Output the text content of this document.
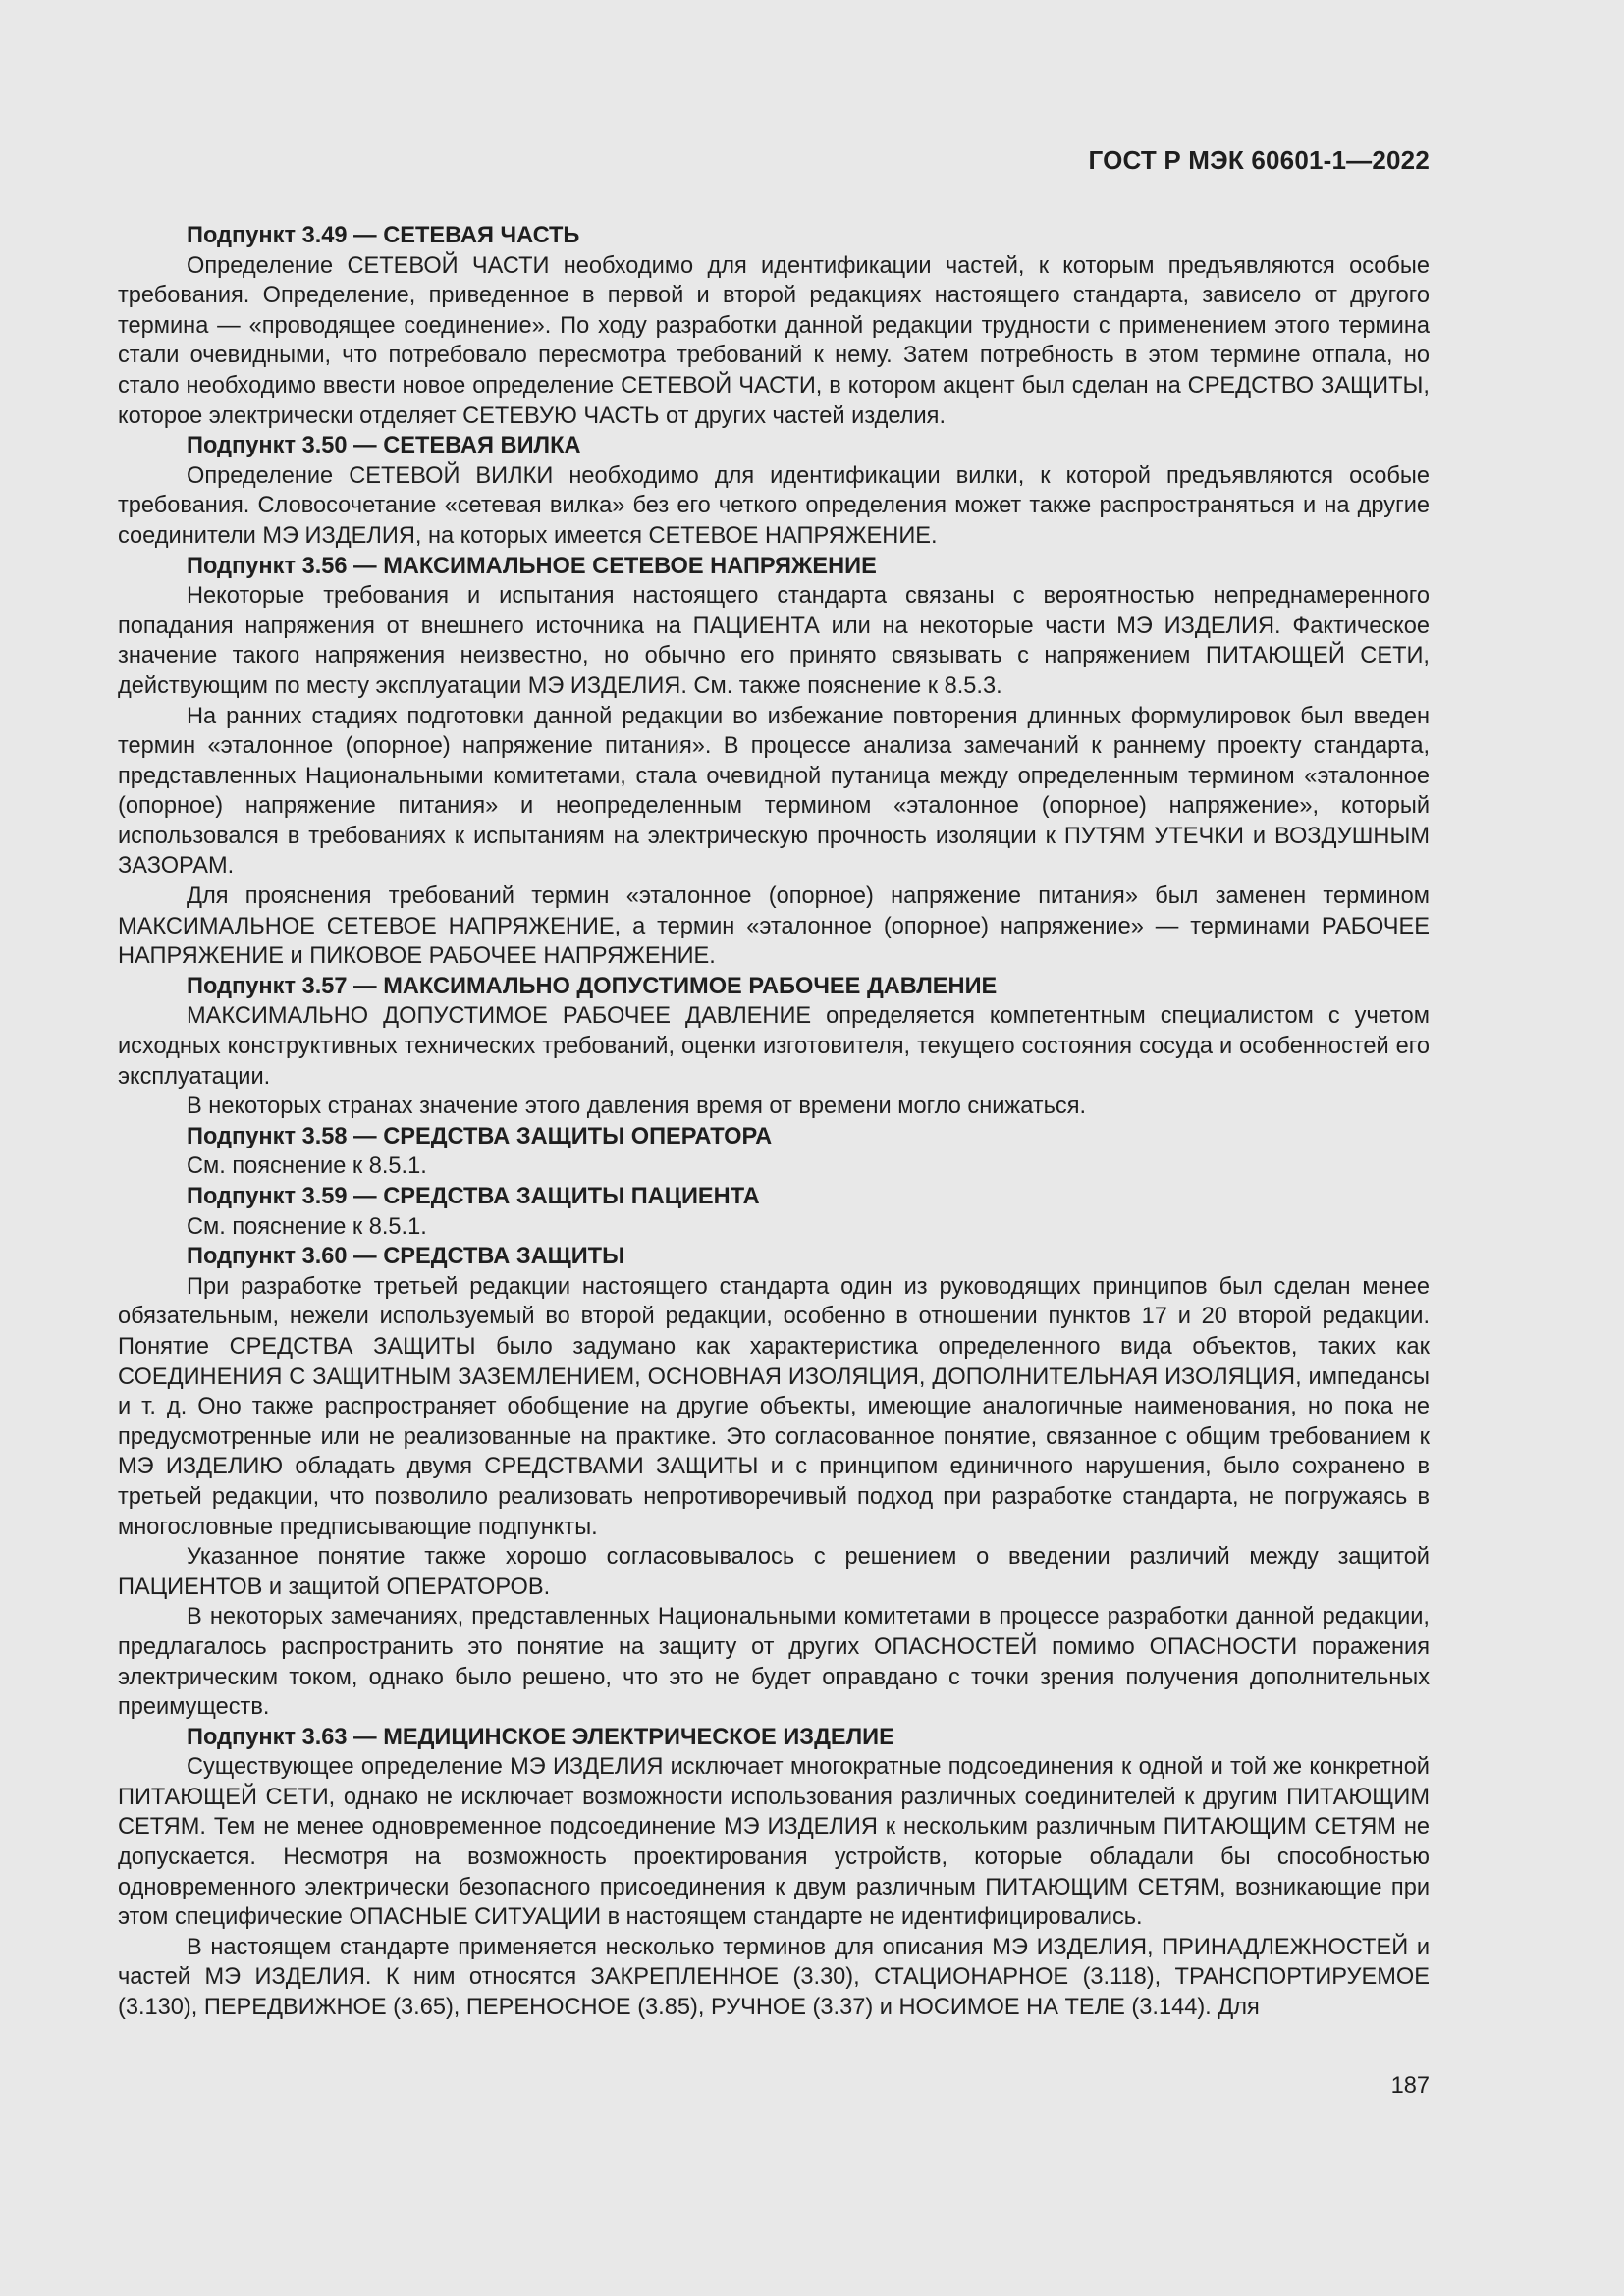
ГОСТ Р МЭК 60601-1—2022
Подпункт 3.49 — СЕТЕВАЯ ЧАСТЬ

Определение СЕТЕВОЙ ЧАСТИ необходимо для идентификации частей, к которым предъявляются особые требования. Определение, приведенное в первой и второй редакциях настоящего стандарта, зависело от другого термина — «проводящее соединение». По ходу разработки данной редакции трудности с применением этого термина стали очевидными, что потребовало пересмотра требований к нему. Затем потребность в этом термине отпала, но стало необходимо ввести новое определение СЕТЕВОЙ ЧАСТИ, в котором акцент был сделан на СРЕДСТВО ЗАЩИТЫ, которое электрически отделяет СЕТЕВУЮ ЧАСТЬ от других частей изделия.

Подпункт 3.50 — СЕТЕВАЯ ВИЛКА

Определение СЕТЕВОЙ ВИЛКИ необходимо для идентификации вилки, к которой предъявляются особые требования. Словосочетание «сетевая вилка» без его четкого определения может также распространяться и на другие соединители МЭ ИЗДЕЛИЯ, на которых имеется СЕТЕВОЕ НАПРЯЖЕНИЕ.

Подпункт 3.56 — МАКСИМАЛЬНОЕ СЕТЕВОЕ НАПРЯЖЕНИЕ

Некоторые требования и испытания настоящего стандарта связаны с вероятностью непреднамеренного попадания напряжения от внешнего источника на ПАЦИЕНТА или на некоторые части МЭ ИЗДЕЛИЯ. Фактическое значение такого напряжения неизвестно, но обычно его принято связывать с напряжением ПИТАЮЩЕЙ СЕТИ, действующим по месту эксплуатации МЭ ИЗДЕЛИЯ. См. также пояснение к 8.5.3.

На ранних стадиях подготовки данной редакции во избежание повторения длинных формулировок был введен термин «эталонное (опорное) напряжение питания». В процессе анализа замечаний к раннему проекту стандарта, представленных Национальными комитетами, стала очевидной путаница между определенным термином «эталонное (опорное) напряжение питания» и неопределенным термином «эталонное (опорное) напряжение», который использовался в требованиях к испытаниям на электрическую прочность изоляции к ПУТЯМ УТЕЧКИ и ВОЗДУШНЫМ ЗАЗОРАМ.

Для прояснения требований термин «эталонное (опорное) напряжение питания» был заменен термином МАКСИМАЛЬНОЕ СЕТЕВОЕ НАПРЯЖЕНИЕ, а термин «эталонное (опорное) напряжение» — терминами РАБОЧЕЕ НАПРЯЖЕНИЕ и ПИКОВОЕ РАБОЧЕЕ НАПРЯЖЕНИЕ.

Подпункт 3.57 — МАКСИМАЛЬНО ДОПУСТИМОЕ РАБОЧЕЕ ДАВЛЕНИЕ

МАКСИМАЛЬНО ДОПУСТИМОЕ РАБОЧЕЕ ДАВЛЕНИЕ определяется компетентным специалистом с учетом исходных конструктивных технических требований, оценки изготовителя, текущего состояния сосуда и особенностей его эксплуатации.

В некоторых странах значение этого давления время от времени могло снижаться.

Подпункт 3.58 — СРЕДСТВА ЗАЩИТЫ ОПЕРАТОРА

См. пояснение к 8.5.1.

Подпункт 3.59 — СРЕДСТВА ЗАЩИТЫ ПАЦИЕНТА

См. пояснение к 8.5.1.

Подпункт 3.60 — СРЕДСТВА ЗАЩИТЫ

При разработке третьей редакции настоящего стандарта один из руководящих принципов был сделан менее обязательным, нежели используемый во второй редакции, особенно в отношении пунктов 17 и 20 второй редакции. Понятие СРЕДСТВА ЗАЩИТЫ было задумано как характеристика определенного вида объектов, таких как СОЕДИНЕНИЯ С ЗАЩИТНЫМ ЗАЗЕМЛЕНИЕМ, ОСНОВНАЯ ИЗОЛЯЦИЯ, ДОПОЛНИТЕЛЬНАЯ ИЗОЛЯЦИЯ, импедансы и т. д. Оно также распространяет обобщение на другие объекты, имеющие аналогичные наименования, но пока не предусмотренные или не реализованные на практике. Это согласованное понятие, связанное с общим требованием к МЭ ИЗДЕЛИЮ обладать двумя СРЕДСТВАМИ ЗАЩИТЫ и с принципом единичного нарушения, было сохранено в третьей редакции, что позволило реализовать непротиворечивый подход при разработке стандарта, не погружаясь в многословные предписывающие подпункты.

Указанное понятие также хорошо согласовывалось с решением о введении различий между защитой ПАЦИЕНТОВ и защитой ОПЕРАТОРОВ.

В некоторых замечаниях, представленных Национальными комитетами в процессе разработки данной редакции, предлагалось распространить это понятие на защиту от других ОПАСНОСТЕЙ помимо ОПАСНОСТИ поражения электрическим током, однако было решено, что это не будет оправдано с точки зрения получения дополнительных преимуществ.

Подпункт 3.63 — МЕДИЦИНСКОЕ ЭЛЕКТРИЧЕСКОЕ ИЗДЕЛИЕ

Существующее определение МЭ ИЗДЕЛИЯ исключает многократные подсоединения к одной и той же конкретной ПИТАЮЩЕЙ СЕТИ, однако не исключает возможности использования различных соединителей к другим ПИТАЮЩИМ СЕТЯМ. Тем не менее одновременное подсоединение МЭ ИЗДЕЛИЯ к нескольким различным ПИТАЮЩИМ СЕТЯМ не допускается. Несмотря на возможность проектирования устройств, которые обладали бы способностью одновременного электрически безопасного присоединения к двум различным ПИТАЮЩИМ СЕТЯМ, возникающие при этом специфические ОПАСНЫЕ СИТУАЦИИ в настоящем стандарте не идентифицировались.

В настоящем стандарте применяется несколько терминов для описания МЭ ИЗДЕЛИЯ, ПРИНАДЛЕЖНОСТЕЙ и частей МЭ ИЗДЕЛИЯ. К ним относятся ЗАКРЕПЛЕННОЕ (3.30), СТАЦИОНАРНОЕ (3.118), ТРАНСПОРТИРУЕМОЕ (3.130), ПЕРЕДВИЖНОЕ (3.65), ПЕРЕНОСНОЕ (3.85), РУЧНОЕ (3.37) и НОСИМОЕ НА ТЕЛЕ (3.144). Для

187
